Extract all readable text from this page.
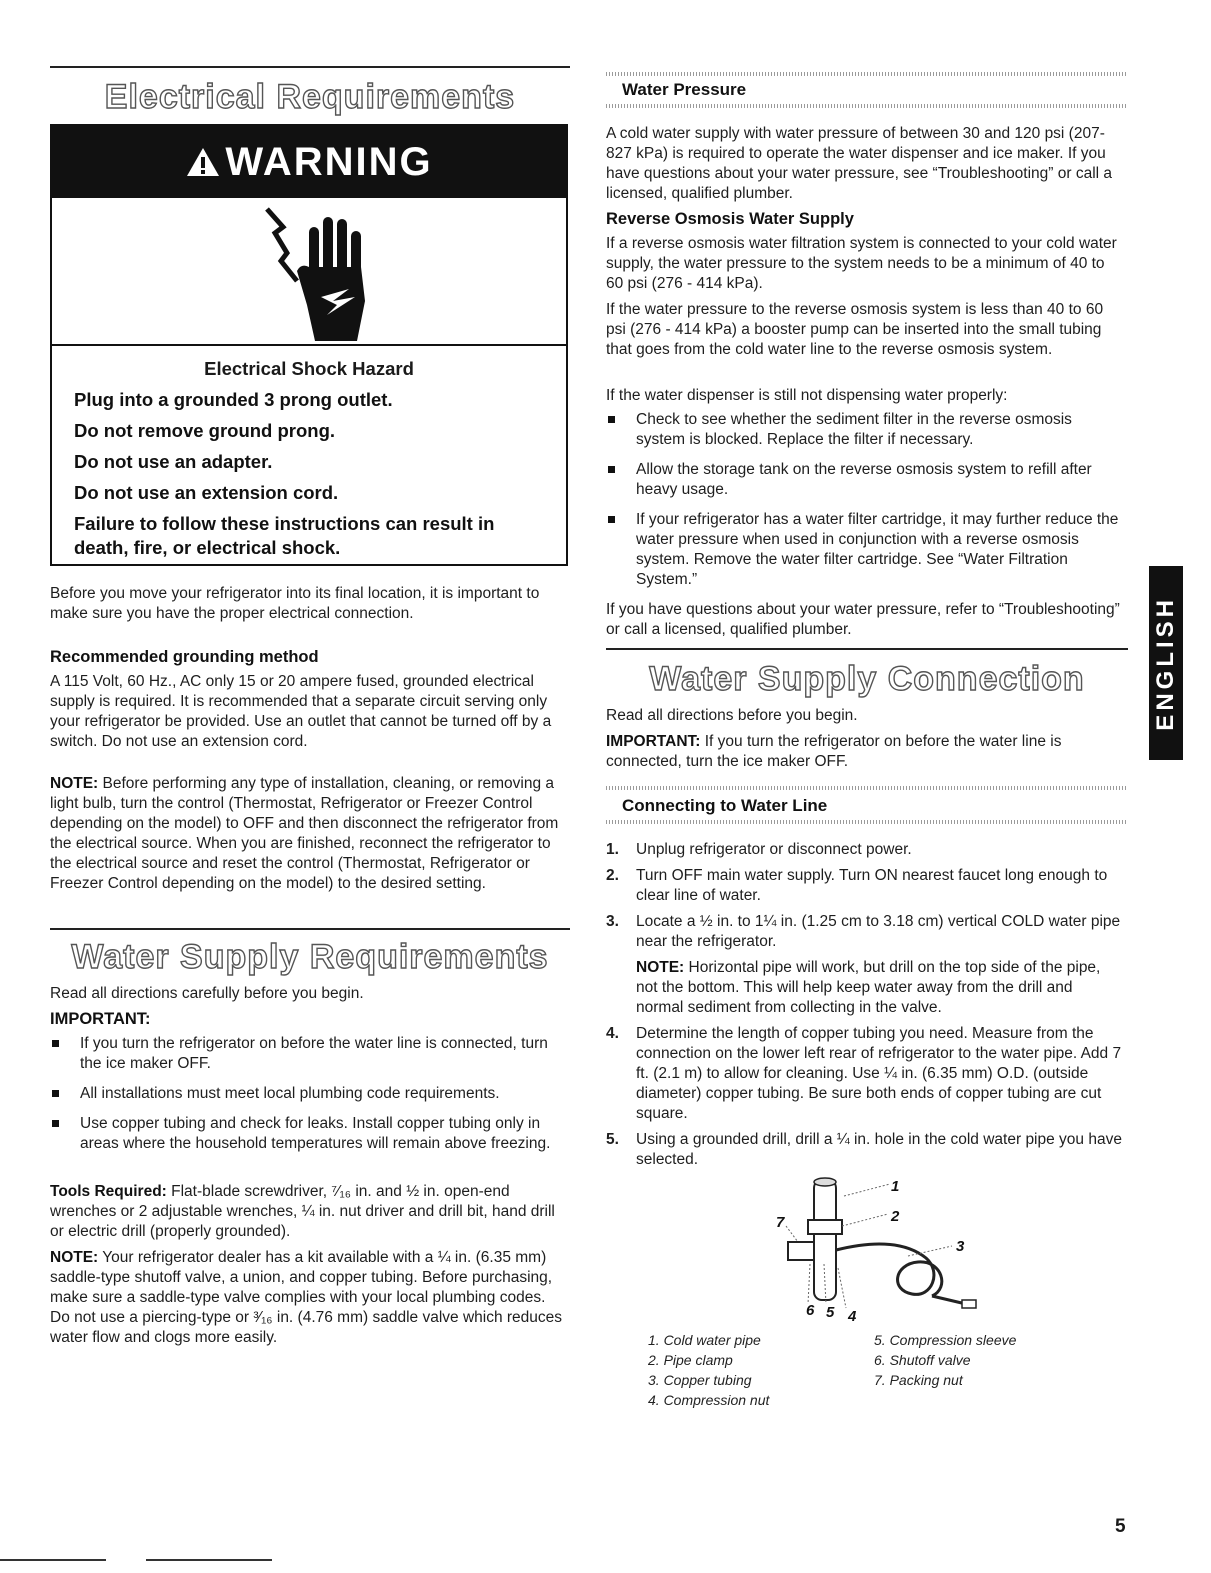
Electrical Requirements
WARNING
Electrical Shock Hazard
Plug into a grounded 3 prong outlet.
Do not remove ground prong.
Do not use an adapter.
Do not use an extension cord.
Failure to follow these instructions can result in death, fire, or electrical shock.
Before you move your refrigerator into its final location, it is important to make sure you have the proper electrical connection.
Recommended grounding method
A 115 Volt, 60 Hz., AC only 15 or 20 ampere fused, grounded electrical supply is required. It is recommended that a separate circuit serving only your refrigerator be provided. Use an outlet that cannot be turned off by a switch. Do not use an extension cord.
NOTE: Before performing any type of installation, cleaning, or removing a light bulb, turn the control (Thermostat, Refrigerator or Freezer Control depending on the model) to OFF and then disconnect the refrigerator from the electrical source. When you are finished, reconnect the refrigerator to the electrical source and reset the control (Thermostat, Refrigerator or Freezer Control depending on the model) to the desired setting.
Water Supply Requirements
Read all directions carefully before you begin.
IMPORTANT:
If you turn the refrigerator on before the water line is connected, turn the ice maker OFF.
All installations must meet local plumbing code requirements.
Use copper tubing and check for leaks. Install copper tubing only in areas where the household temperatures will remain above freezing.
Tools Required: Flat-blade screwdriver, ⁷⁄₁₆ in. and ½ in. open-end wrenches or 2 adjustable wrenches, ¼ in. nut driver and drill bit, hand drill or electric drill (properly grounded).
NOTE: Your refrigerator dealer has a kit available with a ¼ in. (6.35 mm) saddle-type shutoff valve, a union, and copper tubing. Before purchasing, make sure a saddle-type valve complies with your local plumbing codes. Do not use a piercing-type or ³⁄₁₆ in. (4.76 mm) saddle valve which reduces water flow and clogs more easily.
Water Pressure
A cold water supply with water pressure of between 30 and 120 psi (207-827 kPa) is required to operate the water dispenser and ice maker. If you have questions about your water pressure, see “Troubleshooting” or call a licensed, qualified plumber.
Reverse Osmosis Water Supply
If a reverse osmosis water filtration system is connected to your cold water supply, the water pressure to the system needs to be a minimum of 40 to 60 psi (276 - 414 kPa).
If the water pressure to the reverse osmosis system is less than 40 to 60 psi (276 - 414 kPa) a booster pump can be inserted into the small tubing that goes from the cold water line to the reverse osmosis system.
If the water dispenser is still not dispensing water properly:
Check to see whether the sediment filter in the reverse osmosis system is blocked. Replace the filter if necessary.
Allow the storage tank on the reverse osmosis system to refill after heavy usage.
If your refrigerator has a water filter cartridge, it may further reduce the water pressure when used in conjunction with a reverse osmosis system. Remove the water filter cartridge. See “Water Filtration System.”
If you have questions about your water pressure, refer to “Troubleshooting” or call a licensed, qualified plumber.
Water Supply Connection
Read all directions before you begin.
IMPORTANT: If you turn the refrigerator on before the water line is connected, turn the ice maker OFF.
Connecting to Water Line
1. Unplug refrigerator or disconnect power.
2. Turn OFF main water supply. Turn ON nearest faucet long enough to clear line of water.
3. Locate a ½ in. to 1¼ in. (1.25 cm to 3.18 cm) vertical COLD water pipe near the refrigerator.
NOTE: Horizontal pipe will work, but drill on the top side of the pipe, not the bottom. This will help keep water away from the drill and normal sediment from collecting in the valve.
4. Determine the length of copper tubing you need. Measure from the connection on the lower left rear of refrigerator to the water pipe. Add 7 ft. (2.1 m) to allow for cleaning. Use ¼ in. (6.35 mm) O.D. (outside diameter) copper tubing. Be sure both ends of copper tubing are cut square.
5. Using a grounded drill, drill a ¼ in. hole in the cold water pipe you have selected.
1
2
3
4
5
6
7
1. Cold water pipe
2. Pipe clamp
3. Copper tubing
4. Compression nut
5. Compression sleeve
6. Shutoff valve
7. Packing nut
ENGLISH
5
